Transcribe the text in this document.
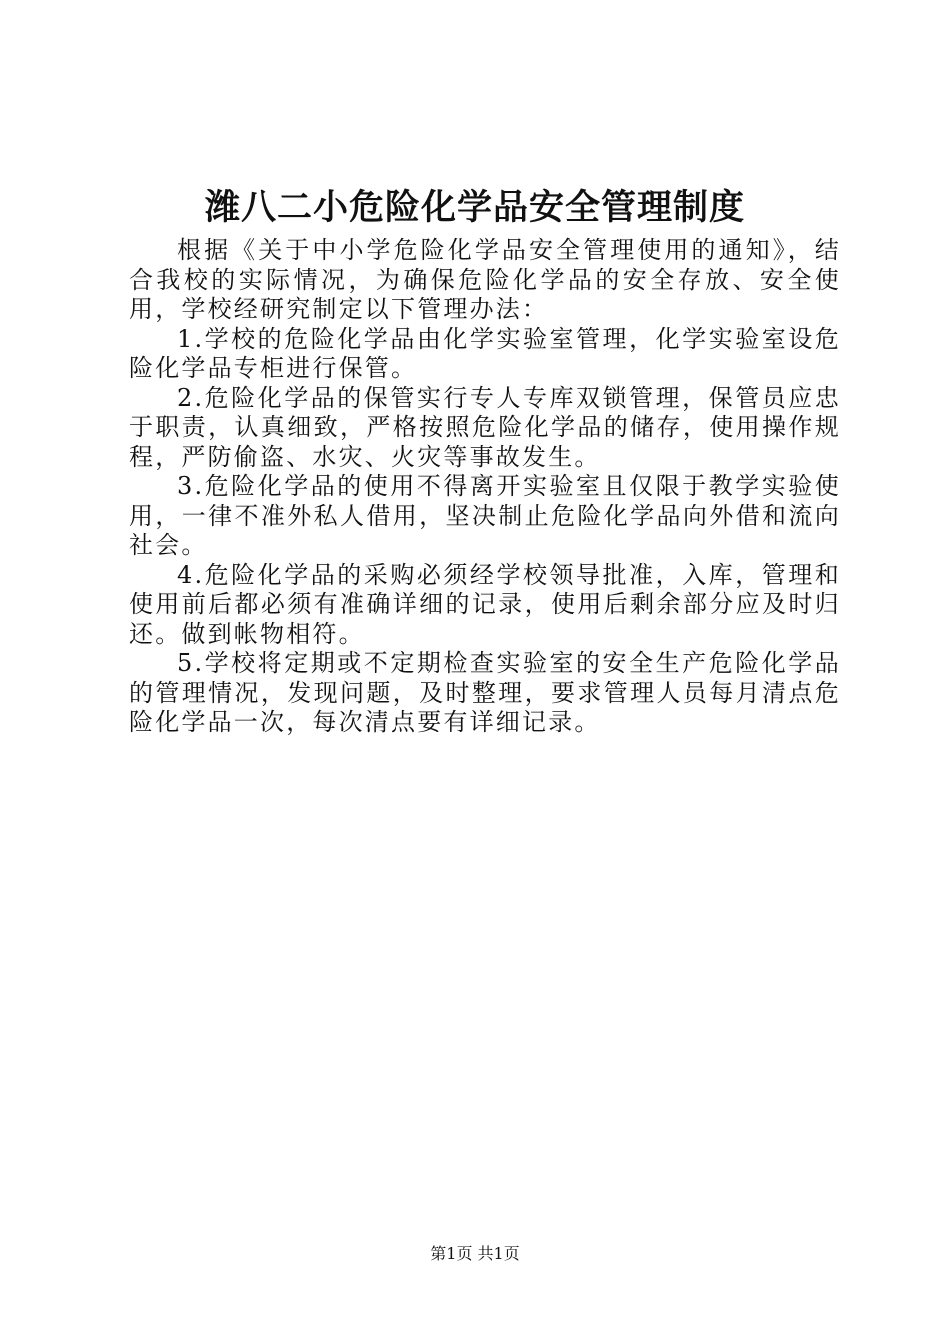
潍八二小危险化学品安全管理制度

根据《关于中小学危险化学品安全管理使用的通知》，结合我校的实际情况，为确保危险化学品的安全存放、安全使用，学校经研究制定以下管理办法：

1.学校的危险化学品由化学实验室管理，化学实验室设危险化学品专柜进行保管。

2.危险化学品的保管实行专人专库双锁管理，保管员应忠于职责，认真细致，严格按照危险化学品的储存，使用操作规程，严防偷盗、水灾、火灾等事故发生。

3.危险化学品的使用不得离开实验室且仅限于教学实验使用，一律不准外私人借用，坚决制止危险化学品向外借和流向社会。

4.危险化学品的采购必须经学校领导批准，入库，管理和使用前后都必须有准确详细的记录，使用后剩余部分应及时归还。做到帐物相符。

5.学校将定期或不定期检查实验室的安全生产危险化学品的管理情况，发现问题，及时整理，要求管理人员每月清点危险化学品一次，每次清点要有详细记录。

第1页 共1页
